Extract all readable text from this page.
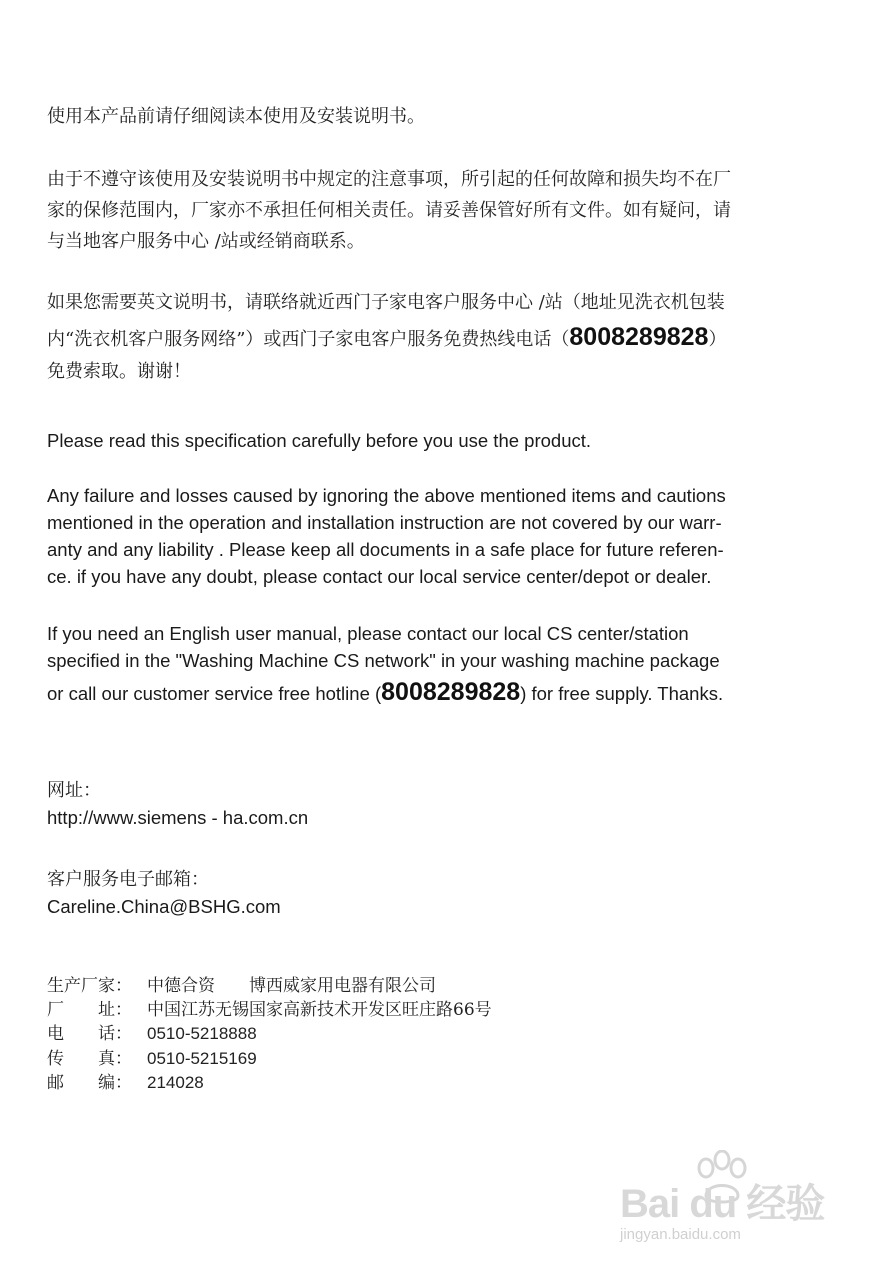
使用本产品前请仔细阅读本使用及安装说明书。

由于不遵守该使用及安装说明书中规定的注意事项，所引起的任何故障和损失均不在厂
家的保修范围内，厂家亦不承担任何相关责任。请妥善保管好所有文件。如有疑问，请
与当地客户服务中心 /站或经销商联系。
如果您需要英文说明书，请联络就近西门子家电客户服务中心 /站（地址见洗衣机包装
内“洗衣机客户服务网络”）或西门子家电客户服务免费热线电话（8008289828）
免费索取。谢谢！

Please read this specification carefully before you use the product.

Any failure and losses caused by ignoring the above mentioned items and cautions
mentioned in the operation and installation instruction are not covered by our warr-
anty and any liability . Please keep all documents in a safe place for future referen-
ce. if you have any doubt, please contact our local service center/depot or dealer.
If you need an English user manual, please contact our local CS center/station
specified in the "Washing Machine CS network" in your washing machine package
or call our customer service free hotline (8008289828) for free supply. Thanks.
网址：
http://www.siemens - ha.com.cn
客户服务电子邮箱：
Careline.China@BSHG.com
生产厂家： 中德合资　　博西威家用电器有限公司
厂　　址： 中国江苏无锡国家高新技术开发区旺庄路66号
电　　话： 0510-5218888
传　　真： 0510-5215169
邮　　编： 214028
Bai du 经验
jingyan.baidu.com
